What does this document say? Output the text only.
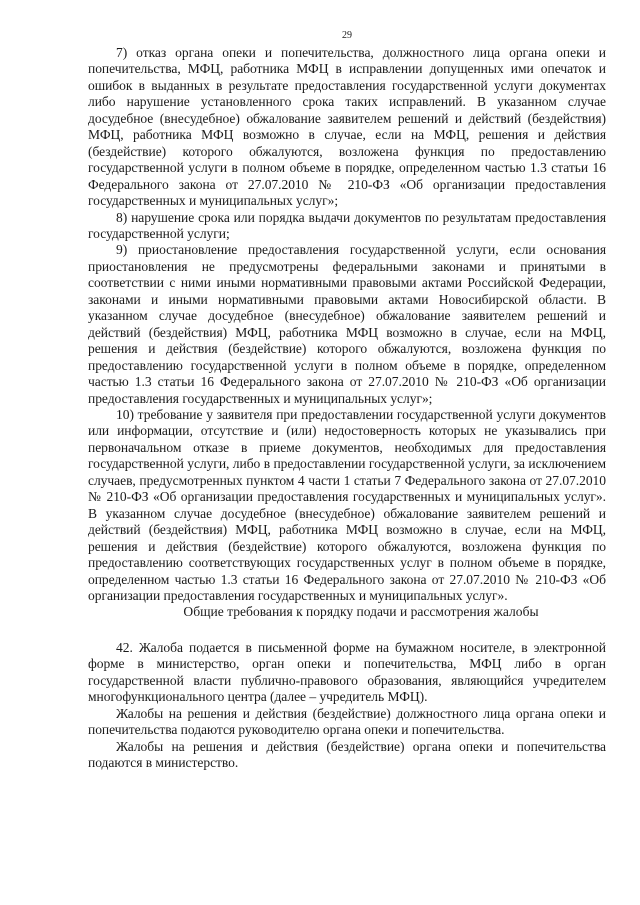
29

7) отказ органа опеки и попечительства, должностного лица органа опеки и попечительства, МФЦ, работника МФЦ в исправлении допущенных ими опечаток и ошибок в выданных в результате предоставления государственной услуги документах либо нарушение установленного срока таких исправлений. В указанном случае досудебное (внесудебное) обжалование заявителем решений и действий (бездействия) МФЦ, работника МФЦ возможно в случае, если на МФЦ, решения и действия (бездействие) которого обжалуются, возложена функция по предоставлению государственной услуги в полном объеме в порядке, определенном частью 1.3 статьи 16 Федерального закона от 27.07.2010 № 210-ФЗ «Об организации предоставления государственных и муниципальных услуг»;

8) нарушение срока или порядка выдачи документов по результатам предоставления государственной услуги;

9) приостановление предоставления государственной услуги, если основания приостановления не предусмотрены федеральными законами и принятыми в соответствии с ними иными нормативными правовыми актами Российской Федерации, законами и иными нормативными правовыми актами Новосибирской области. В указанном случае досудебное (внесудебное) обжалование заявителем решений и действий (бездействия) МФЦ, работника МФЦ возможно в случае, если на МФЦ, решения и действия (бездействие) которого обжалуются, возложена функция по предоставлению государственной услуги в полном объеме в порядке, определенном частью 1.3 статьи 16 Федерального закона от 27.07.2010 № 210-ФЗ «Об организации предоставления государственных и муниципальных услуг»;

10) требование у заявителя при предоставлении государственной услуги документов или информации, отсутствие и (или) недостоверность которых не указывались при первоначальном отказе в приеме документов, необходимых для предоставления государственной услуги, либо в предоставлении государственной услуги, за исключением случаев, предусмотренных пунктом 4 части 1 статьи 7 Федерального закона от 27.07.2010 № 210-ФЗ «Об организации предоставления государственных и муниципальных услуг». В указанном случае досудебное (внесудебное) обжалование заявителем решений и действий (бездействия) МФЦ, работника МФЦ возможно в случае, если на МФЦ, решения и действия (бездействие) которого обжалуются, возложена функция по предоставлению соответствующих государственных услуг в полном объеме в порядке, определенном частью 1.3 статьи 16 Федерального закона от 27.07.2010 № 210-ФЗ «Об организации предоставления государственных и муниципальных услуг».

Общие требования к порядку подачи и рассмотрения жалобы

42. Жалоба подается в письменной форме на бумажном носителе, в электронной форме в министерство, орган опеки и попечительства, МФЦ либо в орган государственной власти публично-правового образования, являющийся учредителем многофункционального центра (далее – учредитель МФЦ).

Жалобы на решения и действия (бездействие) должностного лица органа опеки и попечительства подаются руководителю органа опеки и попечительства.

Жалобы на решения и действия (бездействие) органа опеки и попечительства подаются в министерство.
